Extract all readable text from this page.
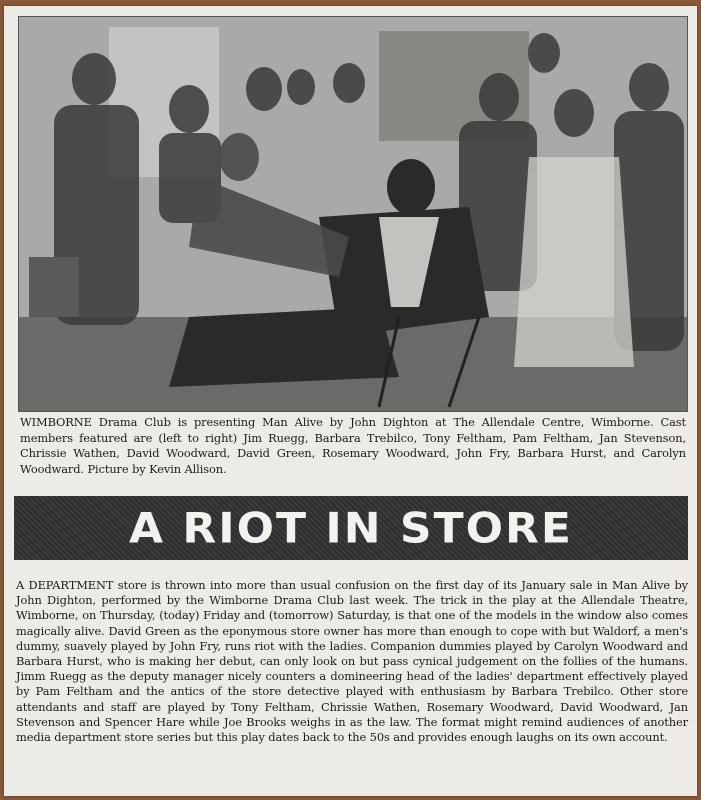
WIMBORNE Drama Club is presenting Man Alive by John Dighton at The Allendale Centre, Wimborne. Cast members featured are (left to right) Jim Ruegg, Barbara Trebilco, Tony Feltham, Pam Feltham, Jan Stevenson, Chrissie Wathen, David Woodward, David Green, Rosemary Woodward, John Fry, Barbara Hurst, and Carolyn Woodward. Picture by Kevin Allison.
A RIOT IN STORE
A DEPARTMENT store is thrown into more than usual confusion on the first day of its January sale in Man Alive by John Dighton, performed by the Wimborne Drama Club last week. The trick in the play at the Allendale Theatre, Wimborne, on Thursday, (today) Friday and (tomorrow) Saturday, is that one of the models in the window also comes magically alive. David Green as the eponymous store owner has more than enough to cope with but Waldorf, a men's dummy, suavely played by John Fry, runs riot with the ladies. Companion dummies played by Carolyn Woodward and Barbara Hurst, who is making her debut, can only look on but pass cynical judgement on the follies of the humans. Jimm Ruegg as the deputy manager nicely counters a domineering head of the ladies' department effectively played by Pam Feltham and the antics of the store detective played with enthusiasm by Barbara Trebilco. Other store attendants and staff are played by Tony Feltham, Chrissie Wathen, Rosemary Woodward, David Woodward, Jan Stevenson and Spencer Hare while Joe Brooks weighs in as the law. The format might remind audiences of another media department store series but this play dates back to the 50s and provides enough laughs on its own account.
